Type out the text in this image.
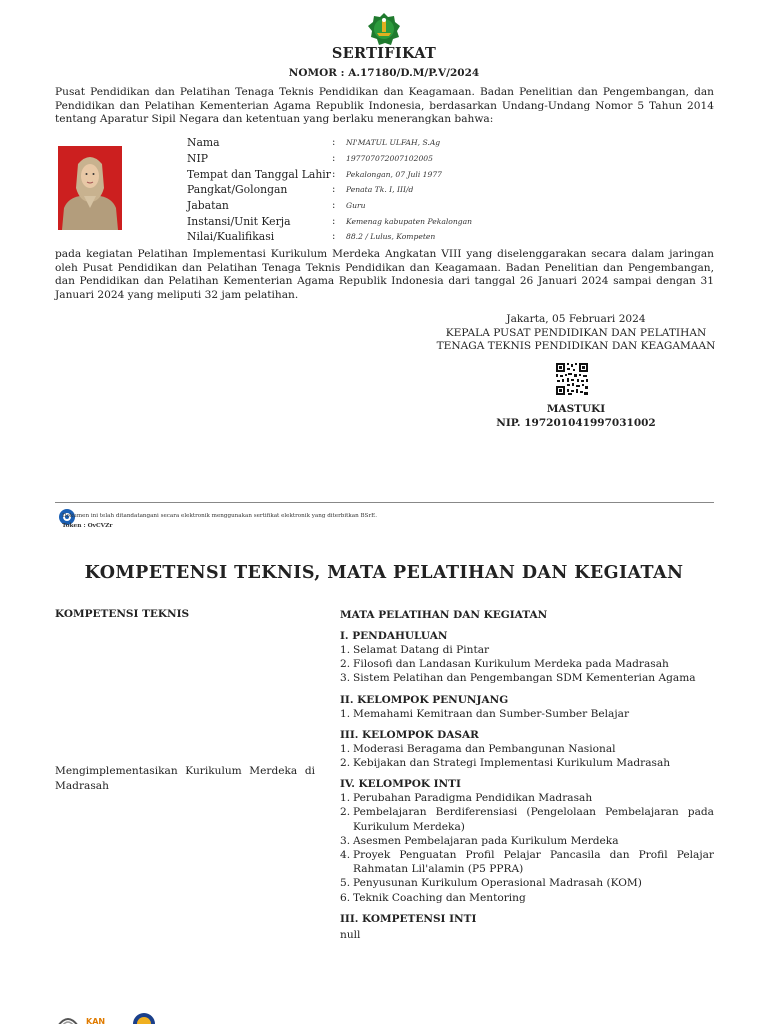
SERTIFIKAT
NOMOR : A.17180/D.M/P.V/2024
Pusat Pendidikan dan Pelatihan Tenaga Teknis Pendidikan dan Keagamaan. Badan Penelitian dan Pengembangan, dan Pendidikan dan Pelatihan Kementerian Agama Republik Indonesia, berdasarkan Undang-Undang Nomor 5 Tahun 2014 tentang Aparatur Sipil Negara dan ketentuan yang berlaku menerangkan bahwa:
Nama	:	NI'MATUL ULFAH, S.Ag
NIP	:	197707072007102005
Tempat dan Tanggal Lahir :	Pekalongan, 07 Juli 1977
Pangkat/Golongan	:	Penata Tk. I, III/d
Jabatan	:	Guru
Instansi/Unit Kerja	:	Kemenag kabupaten Pekalongan
Nilai/Kualifikasi	:	88.2 / Lulus, Kompeten
pada kegiatan Pelatihan Implementasi Kurikulum Merdeka Angkatan VIII yang diselenggarakan secara dalam jaringan oleh Pusat Pendidikan dan Pelatihan Tenaga Teknis Pendidikan dan Keagamaan. Badan Penelitian dan Pengembangan, dan Pendidikan dan Pelatihan Kementerian Agama Republik Indonesia dari tanggal 26 Januari 2024 sampai dengan 31 Januari 2024 yang meliputi 32 jam pelatihan.
Jakarta, 05 Februari 2024
KEPALA PUSAT PENDIDIKAN DAN PELATIHAN
TENAGA TEKNIS PENDIDIKAN DAN KEAGAMAAN
MASTUKI
NIP. 197201041997031002
Dokumen ini telah ditandatangani secara elektronik menggunakan sertifikat elektronik yang diterbitkan BSrE.
Token : OvCVZr
KOMPETENSI TEKNIS, MATA PELATIHAN DAN KEGIATAN
KOMPETENSI TEKNIS
Mengimplementasikan Kurikulum Merdeka di Madrasah
MATA PELATIHAN DAN KEGIATAN
I. PENDAHULUAN
1. Selamat Datang di Pintar
2. Filosofi dan Landasan Kurikulum Merdeka pada Madrasah
3. Sistem Pelatihan dan Pengembangan SDM Kementerian Agama
II. KELOMPOK PENUNJANG
1. Memahami Kemitraan dan Sumber-Sumber Belajar
III. KELOMPOK DASAR
1. Moderasi Beragama dan Pembangunan Nasional
2. Kebijakan dan Strategi Implementasi Kurikulum Madrasah
IV. KELOMPOK INTI
1. Perubahan Paradigma Pendidikan Madrasah
2. Pembelajaran Berdiferensiasi (Pengelolaan Pembelajaran pada Kurikulum Merdeka)
3. Asesmen Pembelajaran pada Kurikulum Merdeka
4. Proyek Penguatan Profil Pelajar Pancasila dan Profil Pelajar Rahmatan Lil'alamin (P5 PPRA)
5. Penyusunan Kurikulum Operasional Madrasah (KOM)
6. Teknik Coaching dan Mentoring
III. KOMPETENSI INTI
null
KAN
